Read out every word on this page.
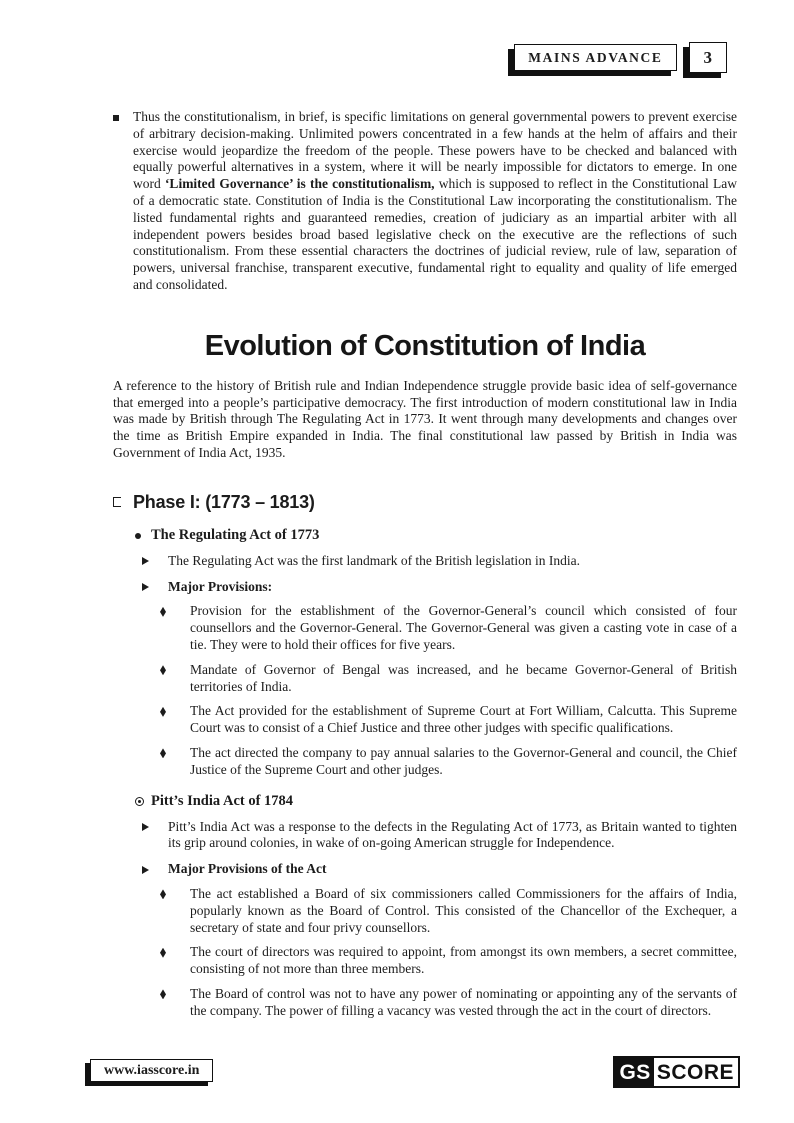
MAINS ADVANCE	3

Thus the constitutionalism, in brief, is specific limitations on general governmental powers to prevent exercise of arbitrary decision-making. Unlimited powers concentrated in a few hands at the helm of affairs and their exercise would jeopardize the freedom of the people. These powers have to be checked and balanced with equally powerful alternatives in a system, where it will be nearly impossible for dictators to emerge. In one word ‘Limited Governance’ is the constitutionalism, which is supposed to reflect in the Constitutional Law of a democratic state. Constitution of India is the Constitutional Law incorporating the constitutionalism. The listed fundamental rights and guaranteed remedies, creation of judiciary as an impartial arbiter with all independent powers besides broad based legislative check on the executive are the reflections of such constitutionalism. From these essential characters the doctrines of judicial review, rule of law, separation of powers, universal franchise, transparent executive, fundamental right to equality and quality of life emerged and consolidated.

Evolution of Constitution of India

A reference to the history of British rule and Indian Independence struggle provide basic idea of self-governance that emerged into a people’s participative democracy. The first introduction of modern constitutional law in India was made by British through The Regulating Act in 1773. It went through many developments and changes over the time as British Empire expanded in India. The final constitutional law passed by British in India was Government of India Act, 1935.

Phase I: (1773 – 1813)
The Regulating Act of 1773

The Regulating Act was the first landmark of the British legislation in India.

Major Provisions:

Provision for the establishment of the Governor-General’s council which consisted of four counsellors and the Governor-General. The Governor-General was given a casting vote in case of a tie. They were to hold their offices for five years.

Mandate of Governor of Bengal was increased, and he became Governor-General of British territories of India.

The Act provided for the establishment of Supreme Court at Fort William, Calcutta. This Supreme Court was to consist of a Chief Justice and three other judges with specific qualifications.

The act directed the company to pay annual salaries to the Governor-General and council, the Chief Justice of the Supreme Court and other judges.

Pitt’s India Act of 1784

Pitt’s India Act was a response to the defects in the Regulating Act of 1773, as Britain wanted to tighten its grip around colonies, in wake of on-going American struggle for Independence.

Major Provisions of the Act

The act established a Board of six commissioners called Commissioners for the affairs of India, popularly known as the Board of Control. This consisted of the Chancellor of the Exchequer, a secretary of state and four privy counsellors.

The court of directors was required to appoint, from amongst its own members, a secret committee, consisting of not more than three members.

The Board of control was not to have any power of nominating or appointing any of the servants of the company. The power of filling a vacancy was vested through the act in the court of directors.

www.iasscore.in	GS SCORE
